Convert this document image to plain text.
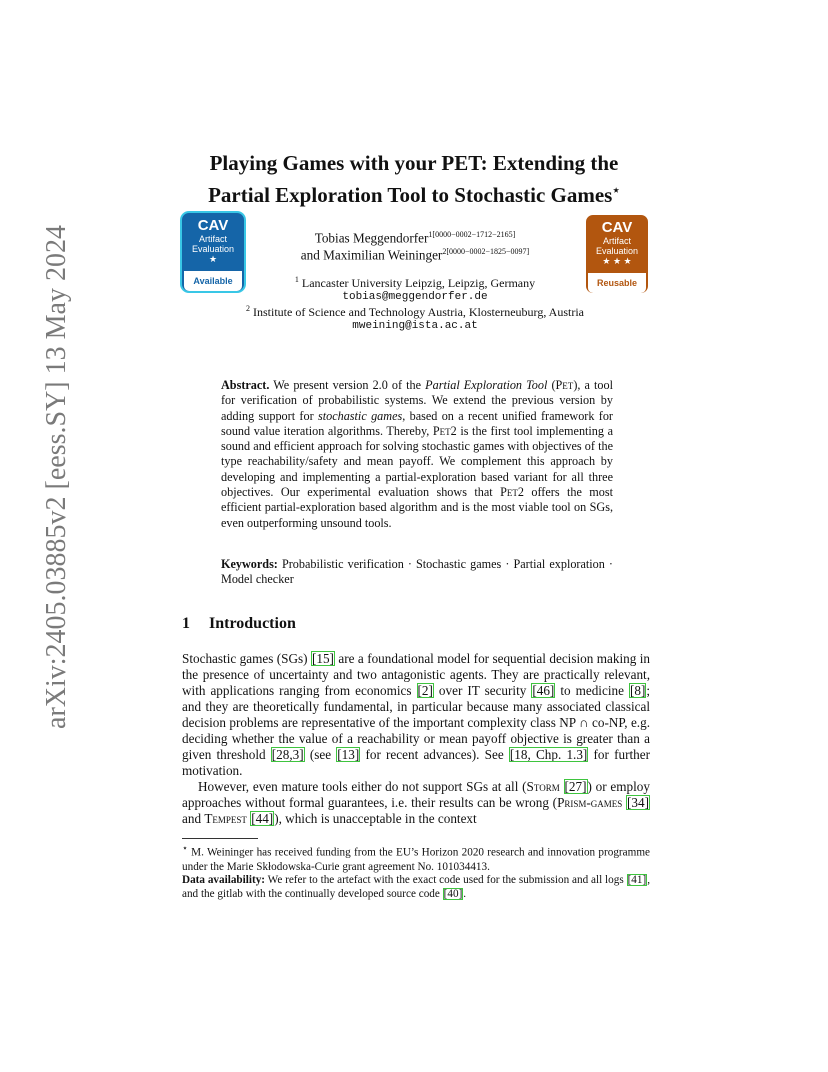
arXiv:2405.03885v2 [eess.SY] 13 May 2024
Playing Games with your PET: Extending the
Partial Exploration Tool to Stochastic Games⋆
CAV
Artifact
Evaluation
★
Available
CAV
Artifact
Evaluation
★ ★ ★
Reusable
Tobias Meggendorfer$^{1[0000-0002-1712-2165]}$
and Maximilian Weininger$^{2[0000-0002-1825-0097]}$
$^1$ Lancaster University Leipzig, Leipzig, Germany
tobias@meggendorfer.de
$^2$ Institute of Science and Technology Austria, Klosterneuburg, Austria
mweining@ista.ac.at
Abstract. We present version 2.0 of the Partial Exploration Tool (Pet), a tool for verification of probabilistic systems. We extend the previous version by adding support for stochastic games, based on a recent unified framework for sound value iteration algorithms. Thereby, Pet2 is the first tool implementing a sound and efficient approach for solving stochastic games with objectives of the type reachability/safety and mean payoff. We complement this approach by developing and implementing a partial-exploration based variant for all three objectives. Our experimental evaluation shows that Pet2 offers the most efficient partial-exploration based algorithm and is the most viable tool on SGs, even outperforming unsound tools.
Keywords: Probabilistic verification · Stochastic games · Partial exploration · Model checker
1 Introduction
Stochastic games (SGs) [15] are a foundational model for sequential decision making in the presence of uncertainty and two antagonistic agents. They are practically relevant, with applications ranging from economics [2] over IT security [46] to medicine [8]; and they are theoretically fundamental, in particular because many associated classical decision problems are representative of the important complexity class NP ∩ co-NP, e.g. deciding whether the value of a reachability or mean payoff objective is greater than a given threshold [28,3] (see [13] for recent advances). See [18, Chp. 1.3] for further motivation.
However, even mature tools either do not support SGs at all (Storm [27]) or employ approaches without formal guarantees, i.e. their results can be wrong (Prism-games [34] and Tempest [44]), which is unacceptable in the context
⋆ M. Weininger has received funding from the EU’s Horizon 2020 research and innovation programme under the Marie Skłodowska-Curie grant agreement No. 101034413.
Data availability: We refer to the artefact with the exact code used for the submission and all logs [41], and the gitlab with the continually developed source code [40].
